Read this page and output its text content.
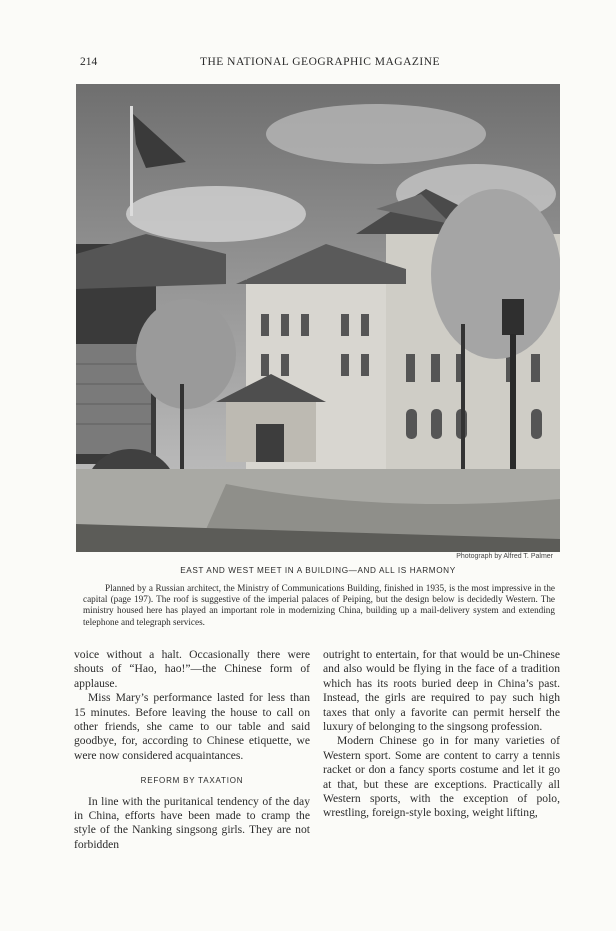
214	THE NATIONAL GEOGRAPHIC MAGAZINE
Photograph by Alfred T. Palmer
EAST AND WEST MEET IN A BUILDING—AND ALL IS HARMONY
Planned by a Russian architect, the Ministry of Communications Building, finished in 1935, is the most impressive in the capital (page 197). The roof is suggestive of the imperial palaces of Peiping, but the design below is decidedly Western. The ministry housed here has played an important role in modernizing China, building up a mail-delivery system and extending telephone and telegraph services.

voice without a halt. Occasionally there were shouts of “Hao, hao!”—the Chinese form of applause.

Miss Mary’s performance lasted for less than 15 minutes. Before leaving the house to call on other friends, she came to our table and said goodbye, for, according to Chinese etiquette, we were now considered acquaintances.

REFORM BY TAXATION

In line with the puritanical tendency of the day in China, efforts have been made to cramp the style of the Nanking singsong girls. They are not forbidden

outright to entertain, for that would be un-Chinese and also would be flying in the face of a tradition which has its roots buried deep in China’s past. Instead, the girls are required to pay such high taxes that only a favorite can permit herself the luxury of belonging to the singsong profession.

Modern Chinese go in for many varieties of Western sport. Some are content to carry a tennis racket or don a fancy sports costume and let it go at that, but these are exceptions. Practically all Western sports, with the exception of polo, wrestling, foreign-style boxing, weight lifting,
